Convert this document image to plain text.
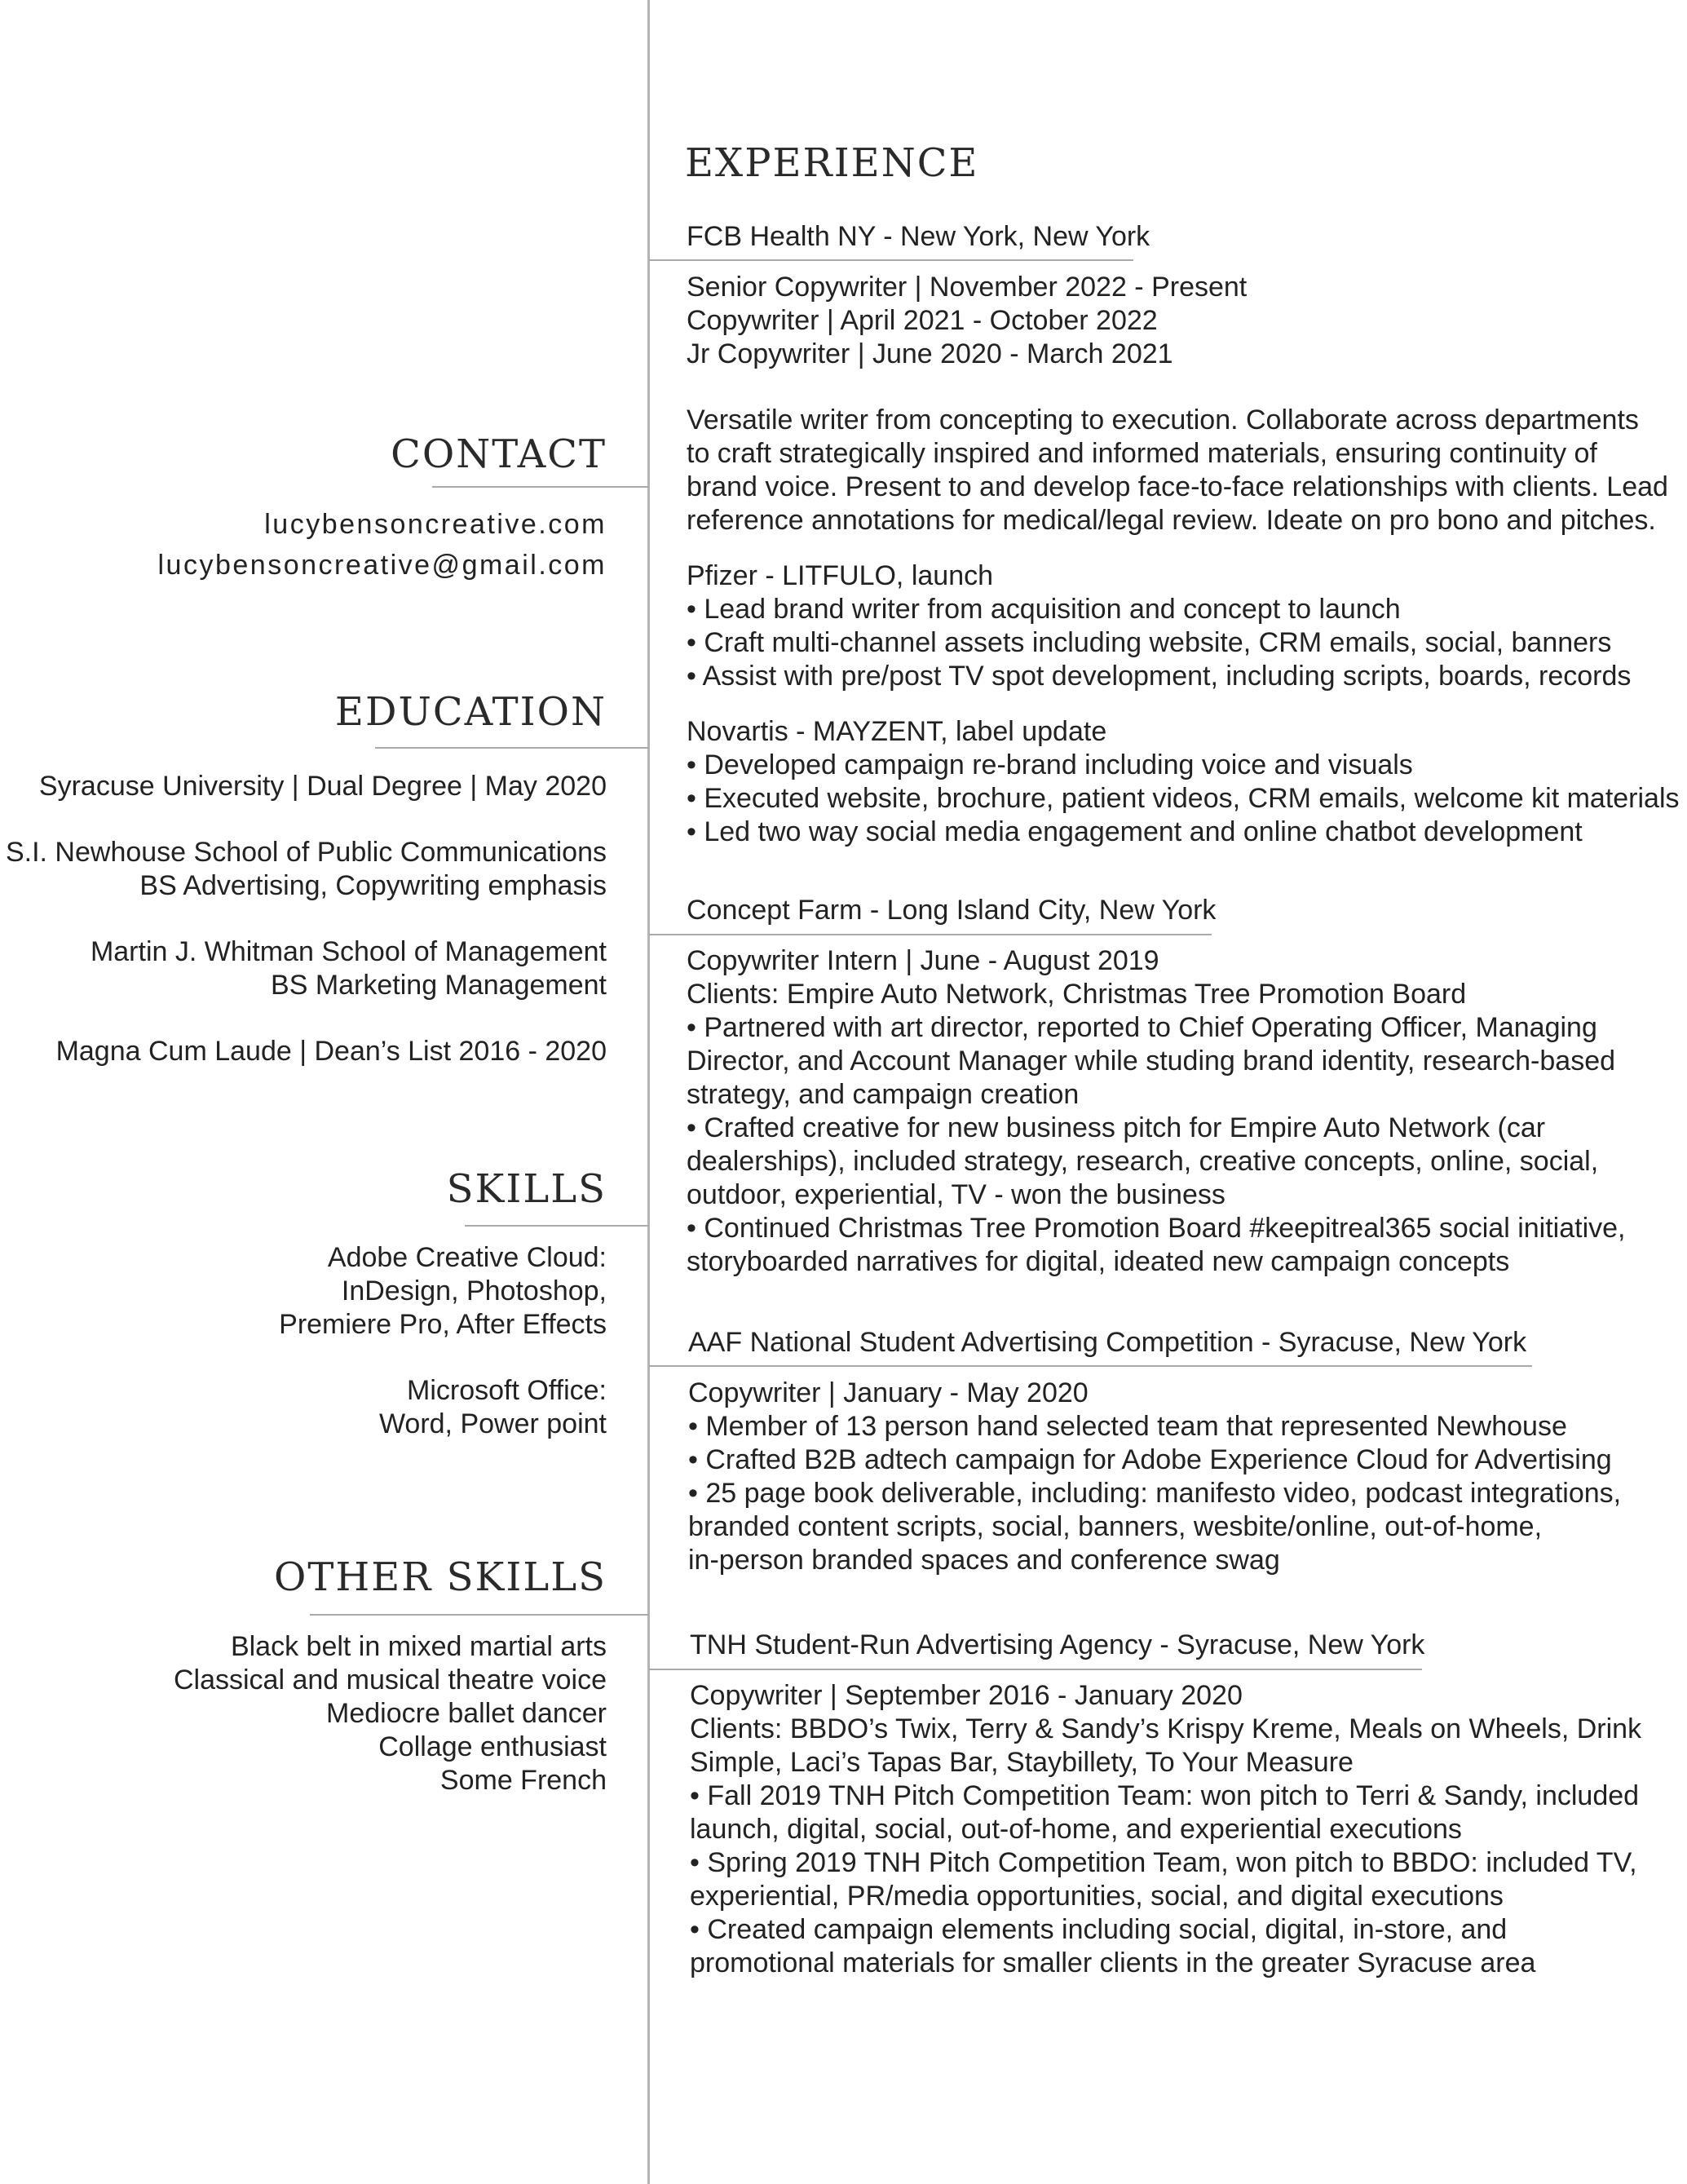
CONTACT
lucybensoncreative.com
lucybensoncreative@gmail.com
EDUCATION
Syracuse University | Dual Degree | May 2020
S.I. Newhouse School of Public Communications
BS Advertising, Copywriting emphasis
Martin J. Whitman School of Management
BS Marketing Management
Magna Cum Laude | Dean’s List 2016 - 2020
SKILLS
Adobe Creative Cloud:
InDesign, Photoshop,
Premiere Pro, After Effects
Microsoft Office:
Word, Power point
OTHER SKILLS
Black belt in mixed martial arts
Classical and musical theatre voice
Mediocre ballet dancer
Collage enthusiast
Some French
EXPERIENCE
FCB Health NY - New York, New York
Senior Copywriter | November 2022 - Present
Copywriter | April 2021 - October 2022
Jr Copywriter | June 2020 - March 2021
Versatile writer from concepting to execution. Collaborate across departments
to craft strategically inspired and informed materials, ensuring continuity of
brand voice. Present to and develop face-to-face relationships with clients. Lead
reference annotations for medical/legal review. Ideate on pro bono and pitches.
Pfizer - LITFULO, launch
• Lead brand writer from acquisition and concept to launch
• Craft multi-channel assets including website, CRM emails, social, banners
• Assist with pre/post TV spot development, including scripts, boards, records
Novartis - MAYZENT, label update
• Developed campaign re-brand including voice and visuals
• Executed website, brochure, patient videos, CRM emails, welcome kit materials
• Led two way social media engagement and online chatbot development
Concept Farm - Long Island City, New York
Copywriter Intern | June - August 2019
Clients: Empire Auto Network, Christmas Tree Promotion Board
• Partnered with art director, reported to Chief Operating Officer, Managing
Director, and Account Manager while studing brand identity, research-based
strategy, and campaign creation
• Crafted creative for new business pitch for Empire Auto Network (car
dealerships), included strategy, research, creative concepts, online, social,
outdoor, experiential, TV - won the business
• Continued Christmas Tree Promotion Board #keepitreal365 social initiative,
storyboarded narratives for digital, ideated new campaign concepts
AAF National Student Advertising Competition - Syracuse, New York
Copywriter | January - May 2020
• Member of 13 person hand selected team that represented Newhouse
• Crafted B2B adtech campaign for Adobe Experience Cloud for Advertising
• 25 page book deliverable, including: manifesto video, podcast integrations,
branded content scripts, social, banners, wesbite/online, out-of-home,
in-person branded spaces and conference swag
TNH Student-Run Advertising Agency - Syracuse, New York
Copywriter | September 2016 - January 2020
Clients: BBDO’s Twix, Terry & Sandy’s Krispy Kreme, Meals on Wheels, Drink
Simple, Laci’s Tapas Bar, Staybillety, To Your Measure
• Fall 2019 TNH Pitch Competition Team: won pitch to Terri & Sandy, included
launch, digital, social, out-of-home, and experiential executions
• Spring 2019 TNH Pitch Competition Team, won pitch to BBDO: included TV,
experiential, PR/media opportunities, social, and digital executions
• Created campaign elements including social, digital, in-store, and
promotional materials for smaller clients in the greater Syracuse area
